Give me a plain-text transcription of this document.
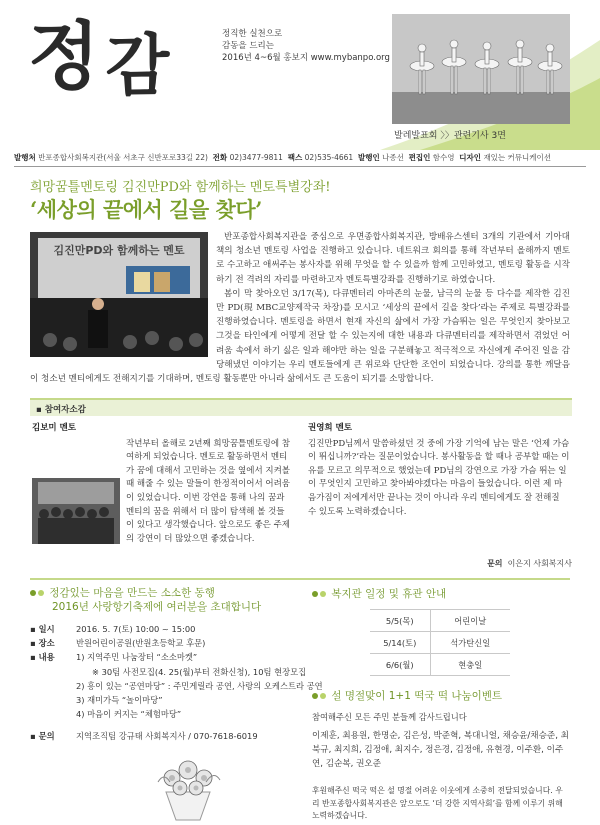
정 감	정직한 실천으로
감동을 드리는
2016년 4~6월 홍보지 www.mybanpo.org
발레발표회 〉〉관련기사 3면
발행처 반포종합사회복지관(서울 서초구 신반포로33길 22) 전화 02)3477-9811 팩스 02)535-4661 발행인 나종선 편집인 함수영 디자인 재있는 커뮤니케이션
희망꿈틀멘토링 김진만PD와 함께하는 멘토특별강좌!
‘세상의 끝에서 길을 찾다’

반포종합사회복지관을 중심으로 우면종합사회복지관, 방배유스센터 3개의 기관에서 기아대책의 청소년 멘토링 사업을 진행하고 있습니다. 네트워크 회의를 통해 작년부터 올해까지 멘토로 수고하고 애써주는 봉사자를 위해 무엇을 할 수 있을까 함께 고민하였고, 멘토링 활동을 시작하기 전 격려의 자리를 마련하고자 멘토특별강좌를 진행하기로 하였습니다.

봄이 막 찾아오던 3/17(목), 다큐멘터리 아마존의 눈물, 남극의 눈물 등 다수를 제작한 김진만 PD(現 MBC교양제작국 차장)를 모시고 ‘세상의 끝에서 길을 찾다’라는 주제로 특별강좌를 진행하였습니다. 멘토링을 하면서 현재 자신의 삶에서 가장 가슴뛰는 일은 무엇인지 찾아보고 그것을 타인에게 어떻게 전달 할 수 있는지에 대한 내용과 다큐멘터리를 제작하면서 겪었던 어려움 속에서 하기 싫은 일과 해야만 하는 일을 구분해놓고 적극적으로 자신에게 주어진 일을 감당해냈던 이야기는 우리 멘토들에게 큰 위로와 단단한 조언이 되었습니다. 강의를 통한 깨달음이 청소년 멘티에게도 전해지기를 기대하며, 멘토링 활동뿐만 아니라 삶에서도 큰 도움이 되기를 소망합니다.

김진만PD와 함께하는 멘토
▪ 참여자소감
김보미 멘토
작년부터 올해로 2년째 희망꿈틀멘토링에 참여하게 되었습니다. 멘토로 활동하면서 멘티가 꿈에 대해서 고민하는 것을 옆에서 지켜볼 때 해줄 수 있는 말들이 한정적이어서 어려움이 있었습니다. 이번 강연을 통해 나의 꿈과 멘티의 꿈을 위해서 더 많이 탐색해 볼 것들이 있다고 생각했습니다. 앞으로도 좋은 주제의 강연이 더 많았으면 좋겠습니다.
권영희 멘토
김진만PD님께서 말씀하셨던 것 중에 가장 기억에 남는 말은 ‘언제 가슴이 뛰십니까?’라는 질문이었습니다. 봉사활동을 할 때나 공부할 때는 이유를 모르고 의무적으로 했었는데 PD님의 강연으로 가장 가슴 뛰는 일이 무엇인지 고민하고 찾아봐야겠다는 마음이 들었습니다. 이런 제 마음가짐이 저에게서만 끝나는 것이 아니라 우리 멘티에게도 잘 전해질 수 있도록 노력하겠습니다.
문의 이은지 사회복지사
정감있는 마음을 만드는 소소한 동행
2016년 사랑항기축제에 여러분을 초대합니다
▪ 일시	2016. 5. 7(토) 10:00 ~ 15:00
▪ 장소	반원어린이공원(반원초등학교 후문)
▪ 내용	1) 지역주민 나눔장터 “소소마켓”
※ 30팀 사전모집(4. 25(월)부터 전화신청), 10팀 현장모집
2) 흥이 있는 “공연마당” : 주민게릴라 공연, 사랑의 오케스트라 공연
3) 재미가득 “놀이마당”
4) 마음이 커지는 “체험마당”
▪ 문의	지역조직팀 강규태 사회복지사 / 070-7618-6019
복지관 일정 및 휴관 안내
5/5(목)	어린이날
5/14(토)	석가탄신일
6/6(월)	현충일
설 명절맞이 1+1 떡국 떡 나눔이벤트
참여해주신 모든 주민 분들께 감사드립니다
이제훈, 최용원, 한명순, 김은성, 박준혁, 복대니얼, 채승윤/채승준, 최북규, 최지희, 김정애, 최지수, 정은경, 김정애, 유현경, 이주환, 이주연, 김순복, 권오준
후원해주신 떡국 떡은 설 명절 어려운 이웃에게 소중히 전달되었습니다. 우리 반포종합사회복지관은 앞으로도 ‘더 강한 지역사회’를 함께 이루기 위해 노력하겠습니다.
